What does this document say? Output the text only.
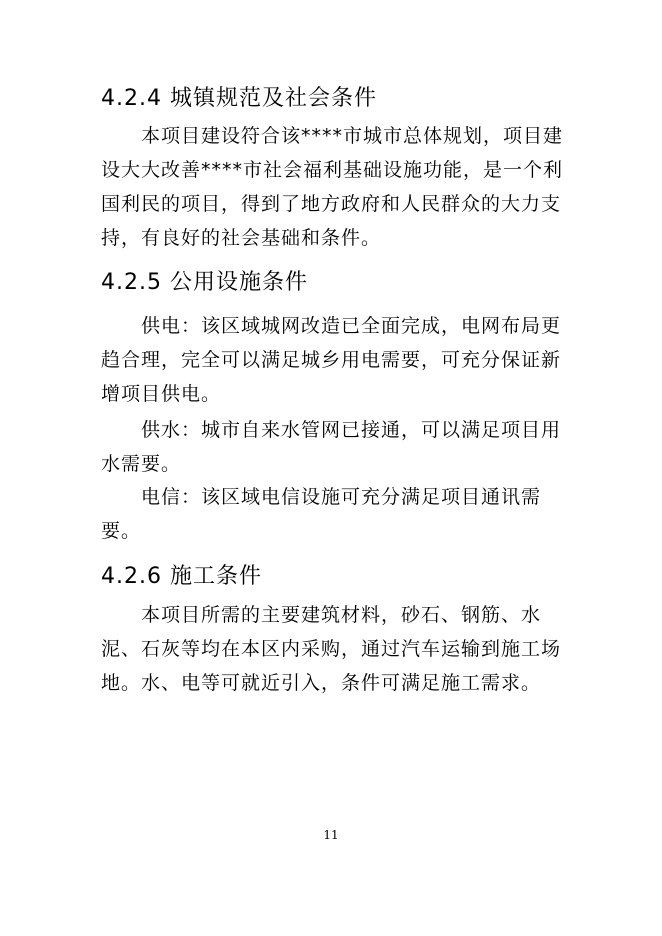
4.2.4 城镇规范及社会条件

本项目建设符合该****市城市总体规划，项目建设大大改善****市社会福利基础设施功能，是一个利国利民的项目，得到了地方政府和人民群众的大力支持，有良好的社会基础和条件。

4.2.5 公用设施条件

供电：该区域城网改造已全面完成，电网布局更趋合理，完全可以满足城乡用电需要，可充分保证新增项目供电。

供水：城市自来水管网已接通，可以满足项目用水需要。

电信：该区域电信设施可充分满足项目通讯需要。

4.2.6 施工条件

本项目所需的主要建筑材料，砂石、钢筋、水泥、石灰等均在本区内采购，通过汽车运输到施工场地。水、电等可就近引入，条件可满足施工需求。

11
